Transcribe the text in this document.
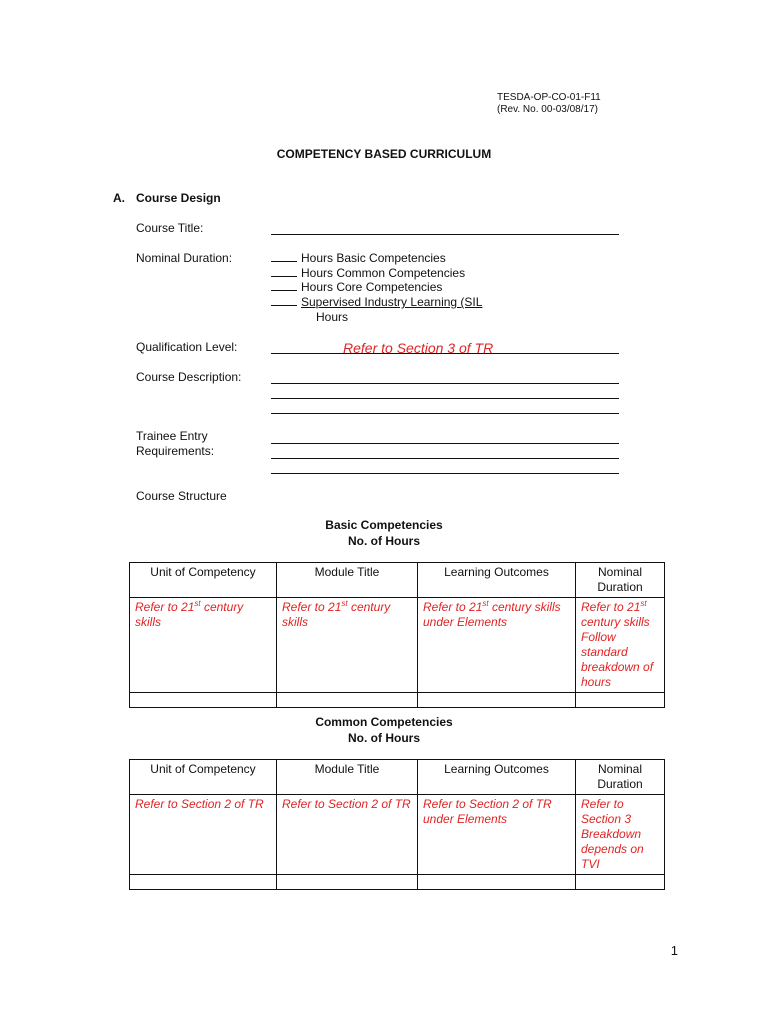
TESDA-OP-CO-01-F11
(Rev. No. 00-03/08/17)
COMPETENCY BASED CURRICULUM
A. Course Design
Course Title:
Nominal Duration:	Hours Basic Competencies
Hours Common Competencies
Hours Core Competencies
Supervised Industry Learning (SIL
Hours
Qualification Level:	Refer to Section 3 of TR
Course Description:
Trainee Entry
Requirements:
Course Structure
Basic Competencies
No. of Hours
Unit of Competency	Module Title	Learning Outcomes	Nominal Duration
Refer to 21st century skills	Refer to 21st century skills	Refer to 21st century skills under Elements	Refer to 21st century skills Follow standard breakdown of hours

Common Competencies
No. of Hours
Unit of Competency	Module Title	Learning Outcomes	Nominal Duration
Refer to Section 2 of TR	Refer to Section 2 of TR	Refer to Section 2 of TR under Elements	Refer to Section 3 Breakdown depends on TVI

1
